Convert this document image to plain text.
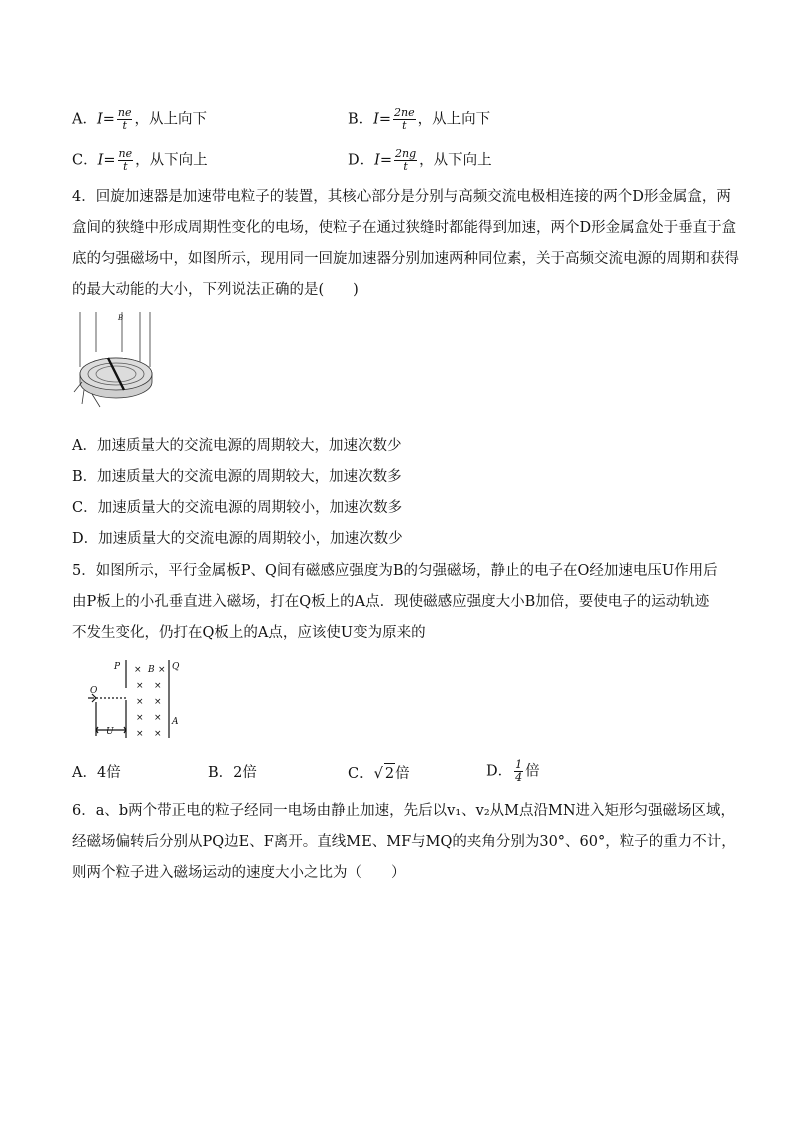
A．$I= \frac{ne}{t}$ ，从上向下	B．$I= \frac{2ne}{t}$ ，从上向下
C．$I= \frac{ne}{t}$ ，从下向上	D．$I= \frac{2ng}{t}$ ，从下向上
4．回旋加速器是加速带电粒子的装置，其核心部分是分别与高频交流电极相连接的两个D形金属盒，两
盒间的狭缝中形成周期性变化的电场，使粒子在通过狭缝时都能得到加速，两个D形金属盒处于垂直于盒
底的匀强磁场中，如图所示，现用同一回旋加速器分别加速两种同位素，关于高频交流电源的周期和获得
的最大动能的大小，下列说法正确的是(　　)
B
A．加速质量大的交流电源的周期较大，加速次数少
B．加速质量大的交流电源的周期较大，加速次数多
C．加速质量大的交流电源的周期较小，加速次数多
D．加速质量大的交流电源的周期较小，加速次数少
5．如图所示，平行金属板P、Q间有磁感应强度为B的匀强磁场，静止的电子在O经加速电压U作用后
由P板上的小孔垂直进入磁场，打在Q板上的A点．现使磁感应强度大小B加倍，要使电子的运动轨迹
不发生变化，仍打在Q板上的A点，应该使U变为原来的
P	Q
O
B
U
A
× ×
× ×
× ×
× ×
× ×
A．4倍	B．2倍	C．√ 2倍	D． $\frac{1}{4}$ 倍
6．a、b两个带正电的粒子经同一电场由静止加速，先后以v₁、v₂从M点沿MN进入矩形匀强磁场区域，
经磁场偏转后分别从PQ边E、F离开。直线ME、MF与MQ的夹角分别为30°、60°，粒子的重力不计，
则两个粒子进入磁场运动的速度大小之比为（　　）
